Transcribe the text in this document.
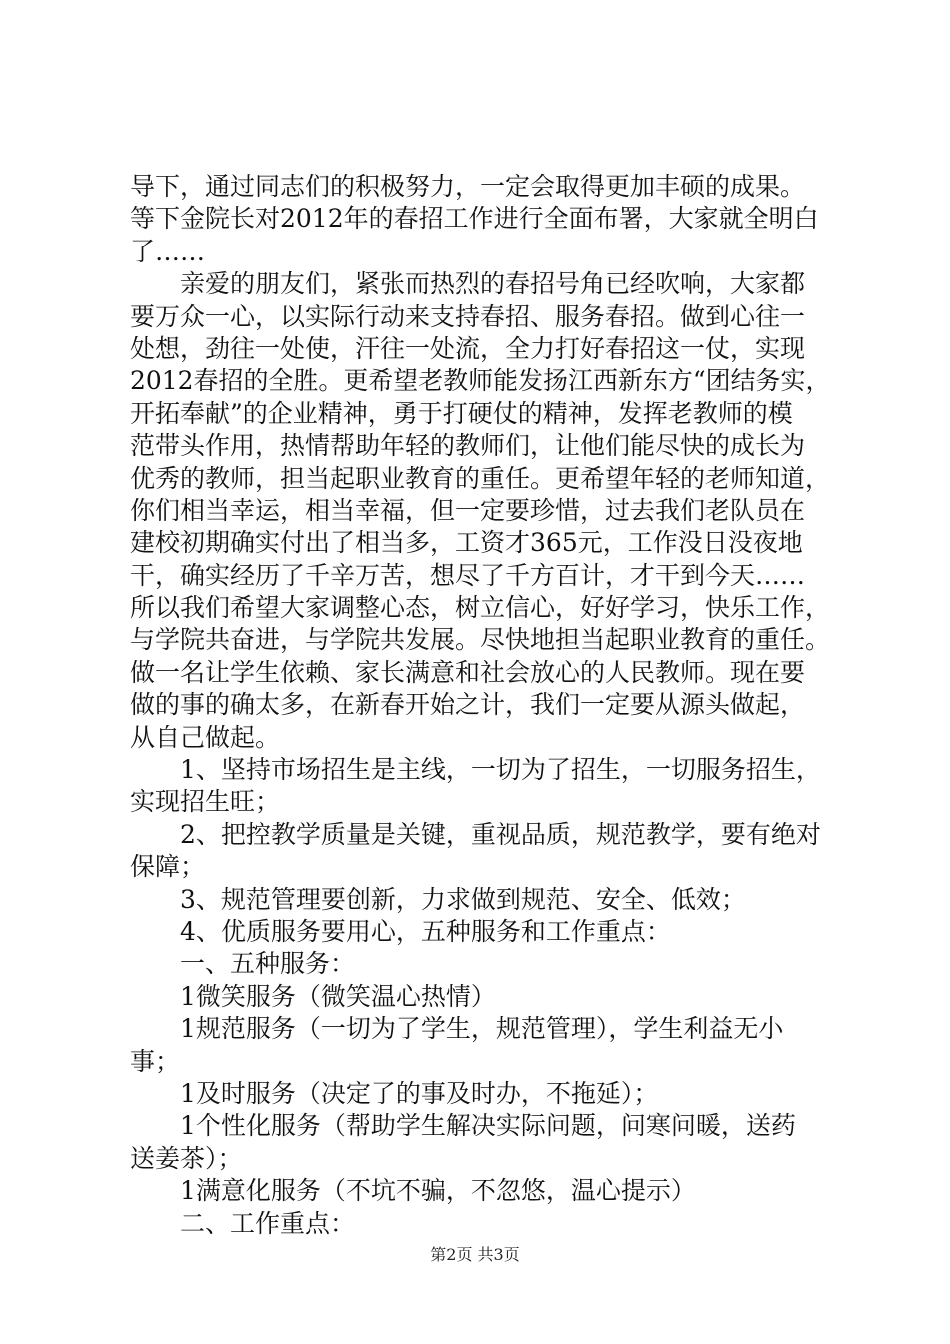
导下，通过同志们的积极努力，一定会取得更加丰硕的成果。
等下金院长对2012年的春招工作进行全面布署，大家就全明白
了……
　　亲爱的朋友们，紧张而热烈的春招号角已经吹响，大家都
要万众一心，以实际行动来支持春招、服务春招。做到心往一
处想，劲往一处使，汗往一处流，全力打好春招这一仗，实现
2012春招的全胜。更希望老教师能发扬江西新东方“团结务实，
开拓奉献”的企业精神，勇于打硬仗的精神，发挥老教师的模
范带头作用，热情帮助年轻的教师们，让他们能尽快的成长为
优秀的教师，担当起职业教育的重任。更希望年轻的老师知道，
你们相当幸运，相当幸福，但一定要珍惜，过去我们老队员在
建校初期确实付出了相当多，工资才365元，工作没日没夜地
干，确实经历了千辛万苦，想尽了千方百计，才干到今天……
所以我们希望大家调整心态，树立信心，好好学习，快乐工作，
与学院共奋进，与学院共发展。尽快地担当起职业教育的重任。
做一名让学生依赖、家长满意和社会放心的人民教师。现在要
做的事的确太多，在新春开始之计，我们一定要从源头做起，
从自己做起。
　　1、坚持市场招生是主线，一切为了招生，一切服务招生，
实现招生旺；
　　2、把控教学质量是关键，重视品质，规范教学，要有绝对
保障；
　　3、规范管理要创新，力求做到规范、安全、低效；
　　4、优质服务要用心，五种服务和工作重点：
　　一、五种服务：
　　1微笑服务（微笑温心热情）
　　1规范服务（一切为了学生，规范管理），学生利益无小
事；
　　1及时服务（决定了的事及时办，不拖延）；
　　1个性化服务（帮助学生解决实际问题，问寒问暖，送药
送姜茶）；
　　1满意化服务（不坑不骗，不忽悠，温心提示）
　　二、工作重点：
第2页 共3页
